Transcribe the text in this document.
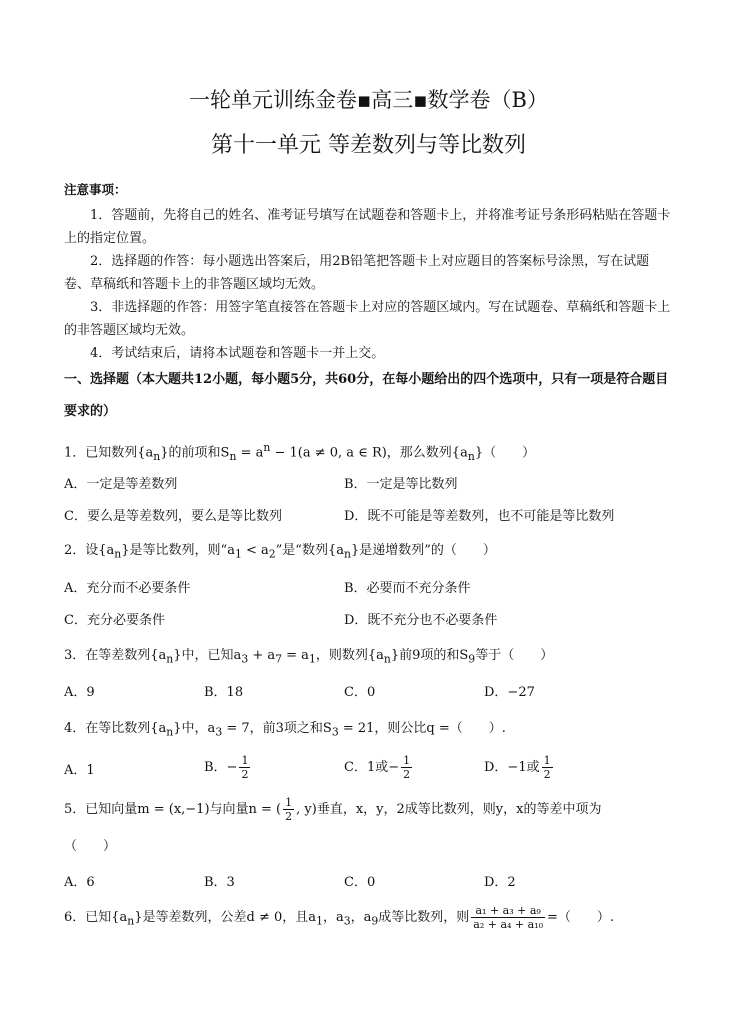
一轮单元训练金卷▪高三▪数学卷（B）
第十一单元 等差数列与等比数列
注意事项：

1．答题前，先将自己的姓名、准考证号填写在试题卷和答题卡上，并将准考证号条形码粘贴在答题卡上的指定位置。

2．选择题的作答：每小题选出答案后，用2B铅笔把答题卡上对应题目的答案标号涂黑，写在试题卷、草稿纸和答题卡上的非答题区域均无效。

3．非选择题的作答：用签字笔直接答在答题卡上对应的答题区域内。写在试题卷、草稿纸和答题卡上的非答题区域均无效。

4．考试结束后，请将本试题卷和答题卡一并上交。

一、选择题（本大题共12小题，每小题5分，共60分，在每小题给出的四个选项中，只有一项是符合题目要求的）

1．已知数列$\{a_n\}$的前项和$S_n = a^n - 1(a \ne 0$, a ∈ R)，那么数列$\{a_n\}$（　　）
A．一定是等差数列	B．一定是等比数列
C．要么是等差数列，要么是等比数列	D．既不可能是等差数列，也不可能是等比数列
2．设$\{a_n\}$是等比数列，则“$a_1 < a_2$”是“数列$\{a_n\}$是递增数列”的（　　）
A．充分而不必要条件	B．必要而不充分条件
C．充分必要条件	D．既不充分也不必要条件
3．在等差数列$\{a_n\}$中，已知$a_3 + a_7 = a_1$，则数列$\{a_n\}$前9项的和$S_9$等于（　　）
A．9	B．18	C．0	D．−27
4．在等比数列$\{a_n\}$中，$a_3 = 7$，前3项之和$S_3 = 21$，则公比q =（　　）.
A．1	B．− $\frac{1}{2}$	C．1或− $\frac{1}{2}$	D．−1或 $\frac{1}{2}$
5．已知向量m = (x,−1)与向量n = ( $\frac{1}{2}$ , y)垂直，x，y，2成等比数列，则y，x的等差中项为
（　　）
A．6	B．3	C．0	D．2
6．已知$\{a_n\}$是等差数列，公差d ≠ 0，且$a_1$，$a_3$，$a_9$成等比数列，则 $\frac{\text{a₁ + a₃ + a₉}}{\text{a₂ + a₄ + a₁₀}}$ =（　　）.
